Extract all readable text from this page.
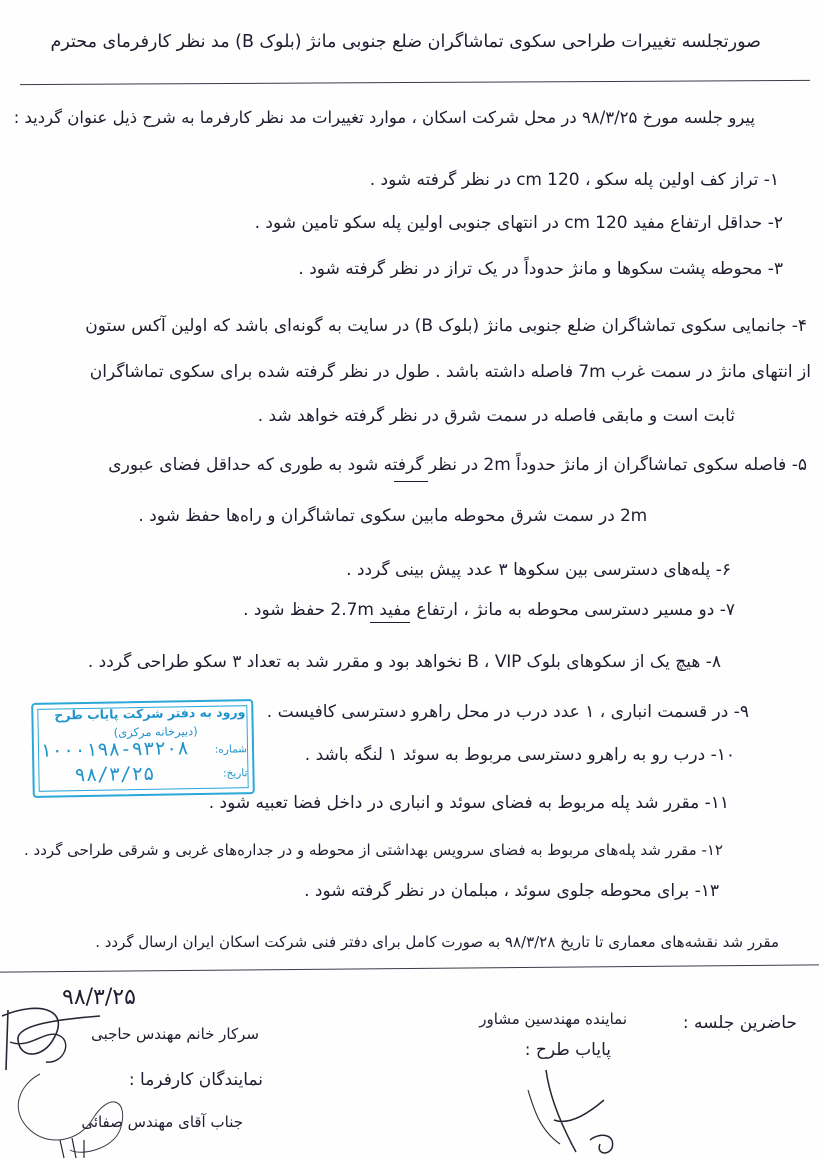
صورتجلسه تغییرات طراحی سکوی تماشاگران ضلع جنوبی مانژ (بلوک B) مد نظر کارفرمای محترم
پیرو جلسه مورخ ۹۸/۳/۲۵ در محل شرکت اسکان ، موارد تغییرات مد نظر کارفرما به شرح ذیل عنوان گردید :
۱- تراز کف اولین پله سکو ، 120 cm در نظر گرفته شود .
۲- حداقل ارتفاع مفید 120 cm در انتهای جنوبی اولین پله سکو تامین شود .
۳- محوطه پشت سکوها و مانژ حدوداً در یک تراز در نظر گرفته شود .
۴- جانمایی سکوی تماشاگران ضلع جنوبی مانژ (بلوک B) در سایت به گونه‌ای باشد که اولین آکس ستون
از انتهای مانژ در سمت غرب 7m فاصله داشته باشد . طول در نظر گرفته شده برای سکوی تماشاگران
ثابت است و مابقی فاصله در سمت شرق در نظر گرفته خواهد شد .
۵- فاصله سکوی تماشاگران از مانژ حدوداً 2m در نظر گرفته شود به طوری که حداقل فضای عبوری
2m در سمت شرق محوطه مابین سکوی تماشاگران و راه‌ها حفظ شود .
۶- پله‌های دسترسی بین سکوها ۳ عدد پیش بینی گردد .
۷- دو مسیر دسترسی محوطه به مانژ ، ارتفاع مفید 2.7m حفظ شود .
۸- هیچ یک از سکوهای بلوک B ، VIP نخواهد بود و مقرر شد به تعداد ۳ سکو طراحی گردد .
۹- در قسمت انباری ، ۱ عدد درب در محل راهرو دسترسی کافیست .
۱۰- درب رو به راهرو دسترسی مربوط به سوئد ۱ لنگه باشد .
۱۱- مقرر شد پله مربوط به فضای سوئد و انباری در داخل فضا تعبیه شود .
۱۲- مقرر شد پله‌های مربوط به فضای سرویس بهداشتی از محوطه و در جداره‌های غربی و شرقی طراحی گردد .
۱۳- برای محوطه جلوی سوئد ، مبلمان در نظر گرفته شود .
مقرر شد نقشه‌های معماری تا تاریخ ۹۸/۳/۲۸ به صورت کامل برای دفتر فنی شرکت اسکان ایران ارسال گردد .
ورود به دفتر شرکت پایاب طرح
(دبیرخانه مرکزی)
شماره:
تاریخ:
۱۰۰۰۱۹۸-۹۳۲۰۸
۹۸/۳/۲۵
۹۸/۳/۲۵
حاضرین جلسه :
نماینده مهندسین مشاور
پایاب طرح :
سرکار خانم مهندس حاجبی
نمایندگان کارفرما :
جناب آقای مهندس صفائی
